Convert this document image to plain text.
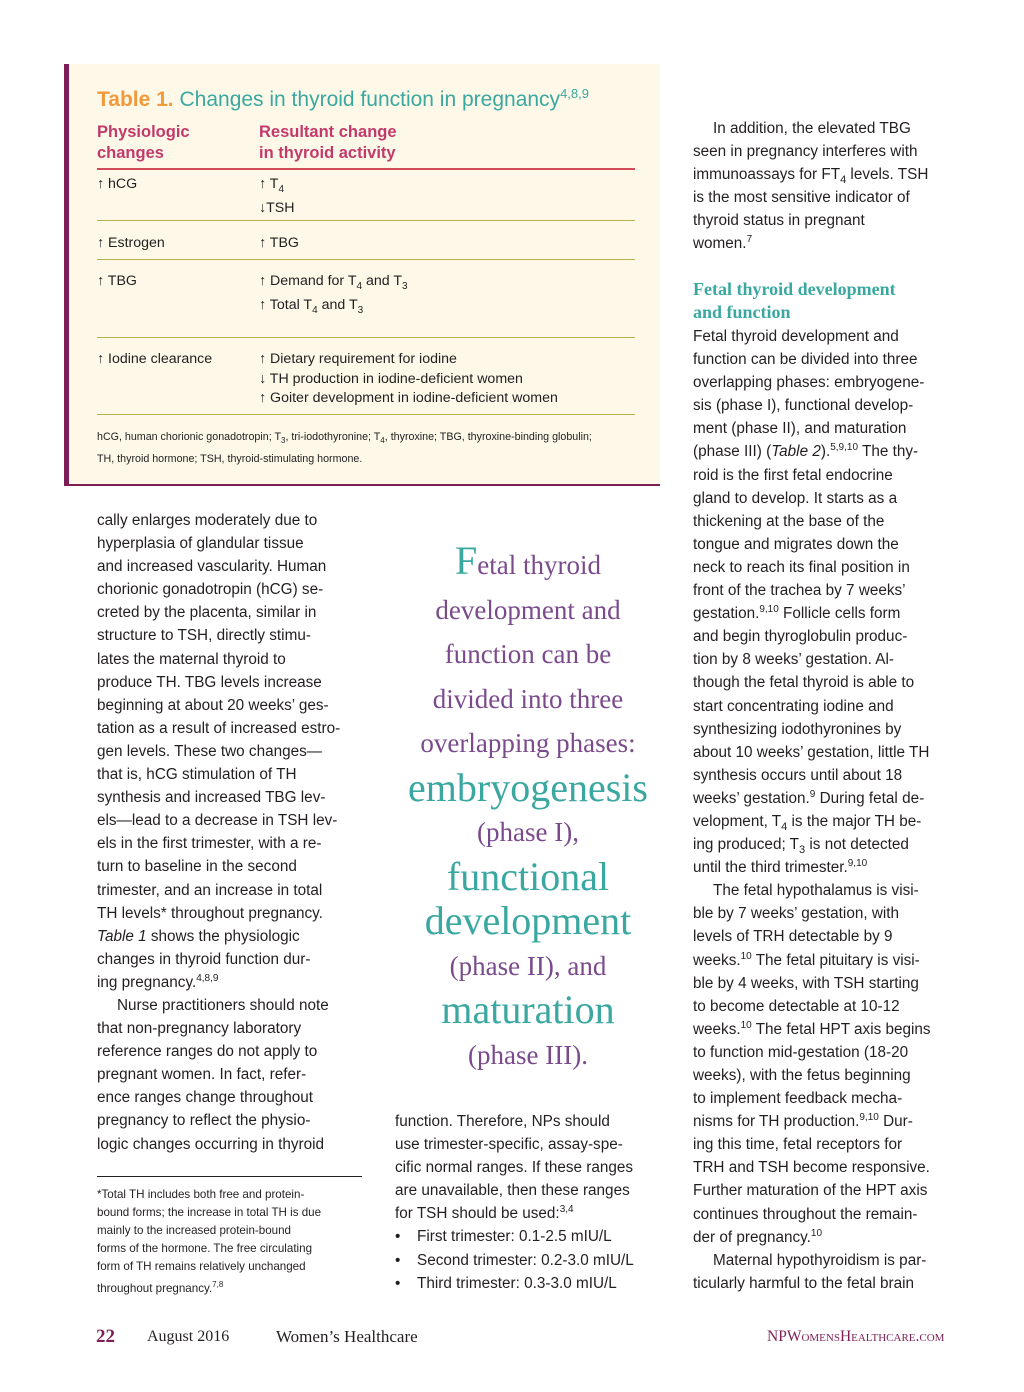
Table 1. Changes in thyroid function in pregnancy$^{4,8,9}$
Physiologic
changes
Resultant change
in thyroid activity
↑ hCG	↑ $T_4$
↓TSH
↑ Estrogen	↑ TBG
↑ TBG	↑ Demand for $T_4$ and $T_3$
↑ Total $T_4$ and $T_3$
↑ Iodine clearance	↑ Dietary requirement for iodine
↓ TH production in iodine-deficient women
↑ Goiter development in iodine-deficient women
hCG, human chorionic gonadotropin; $T_3$, tri-iodothyronine; $T_4$, thyroxine; TBG, thyroxine-binding globulin;
TH, thyroid hormone; TSH, thyroid-stimulating hormone.
cally enlarges moderately due to
hyperplasia of glandular tissue
and increased vascularity. Human
chorionic gonadotropin (hCG) se-
creted by the placenta, similar in
structure to TSH, directly stimu-
lates the maternal thyroid to
produce TH. TBG levels increase
beginning at about 20 weeks’ ges-
tation as a result of increased estro-
gen levels. These two changes—
that is, hCG stimulation of TH
synthesis and increased TBG lev-
els—lead to a decrease in TSH lev-
els in the first trimester, with a re-
turn to baseline in the second
trimester, and an increase in total
TH levels* throughout pregnancy.
Table 1 shows the physiologic
changes in thyroid function dur-
ing pregnancy.$^{4,8,9}$
Nurse practitioners should note
that non-pregnancy laboratory
reference ranges do not apply to
pregnant women. In fact, refer-
ence ranges change throughout
pregnancy to reflect the physio-
logic changes occurring in thyroid
*Total TH includes both free and protein-
bound forms; the increase in total TH is due
mainly to the increased protein-bound
forms of the hormone. The free circulating
form of TH remains relatively unchanged
throughout pregnancy.$^{7,8}$
Fetal thyroid
development and
function can be
divided into three
overlapping phases:
embryogenesis
(phase I),
functional
development
(phase II), and
maturation
(phase III).
function. Therefore, NPs should
use trimester-specific, assay-spe-
cific normal ranges. If these ranges
are unavailable, then these ranges
for TSH should be used:$^{3,4}$
• First trimester: 0.1-2.5 mIU/L
• Second trimester: 0.2-3.0 mIU/L
• Third trimester: 0.3-3.0 mIU/L
In addition, the elevated TBG
seen in pregnancy interferes with
immunoassays for $FT_4$ levels. TSH
is the most sensitive indicator of
thyroid status in pregnant
women.$^7$
Fetal thyroid development
and function
Fetal thyroid development and
function can be divided into three
overlapping phases: embryogene-
sis (phase I), functional develop-
ment (phase II), and maturation
(phase III) (Table 2).$^{5,9,10}$ The thy-
roid is the first fetal endocrine
gland to develop. It starts as a
thickening at the base of the
tongue and migrates down the
neck to reach its final position in
front of the trachea by 7 weeks’
gestation.$^{9,10}$ Follicle cells form
and begin thyroglobulin produc-
tion by 8 weeks’ gestation. Al-
though the fetal thyroid is able to
start concentrating iodine and
synthesizing iodothyronines by
about 10 weeks’ gestation, little TH
synthesis occurs until about 18
weeks’ gestation.$^9$ During fetal de-
velopment, $T_4$ is the major TH be-
ing produced; $T_3$ is not detected
until the third trimester.$^{9,10}$
The fetal hypothalamus is visi-
ble by 7 weeks’ gestation, with
levels of TRH detectable by 9
weeks.$^{10}$ The fetal pituitary is visi-
ble by 4 weeks, with TSH starting
to become detectable at 10-12
weeks.$^{10}$ The fetal HPT axis begins
to function mid-gestation (18-20
weeks), with the fetus beginning
to implement feedback mecha-
nisms for TH production.$^{9,10}$ Dur-
ing this time, fetal receptors for
TRH and TSH become responsive.
Further maturation of the HPT axis
continues throughout the remain-
der of pregnancy.$^{10}$
Maternal hypothyroidism is par-
ticularly harmful to the fetal brain
22 August 2016	Women’s Healthcare	NPWomensHealthcare.com
